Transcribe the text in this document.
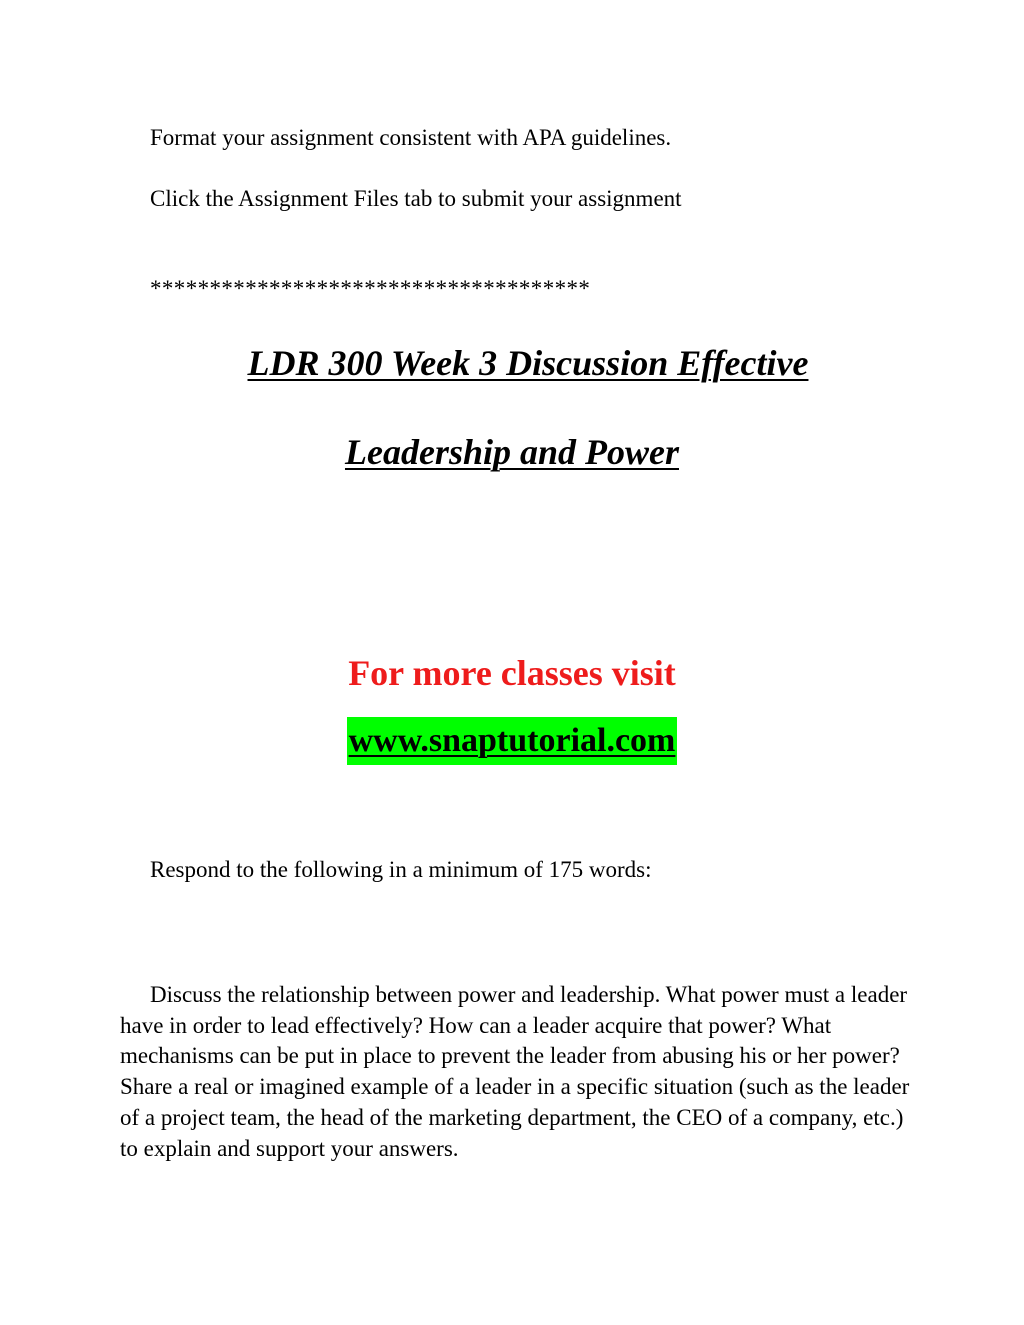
Format your assignment consistent with APA guidelines.
Click the Assignment Files tab to submit your assignment
*************************************
LDR 300 Week 3 Discussion Effective
Leadership and Power
For more classes visit
www.snaptutorial.com
Respond to the following in a minimum of 175 words:
Discuss the relationship between power and leadership. What power must a leader have in order to lead effectively? How can a leader acquire that power? What mechanisms can be put in place to prevent the leader from abusing his or her power? Share a real or imagined example of a leader in a specific situation (such as the leader of a project team, the head of the marketing department, the CEO of a company, etc.) to explain and support your answers.
